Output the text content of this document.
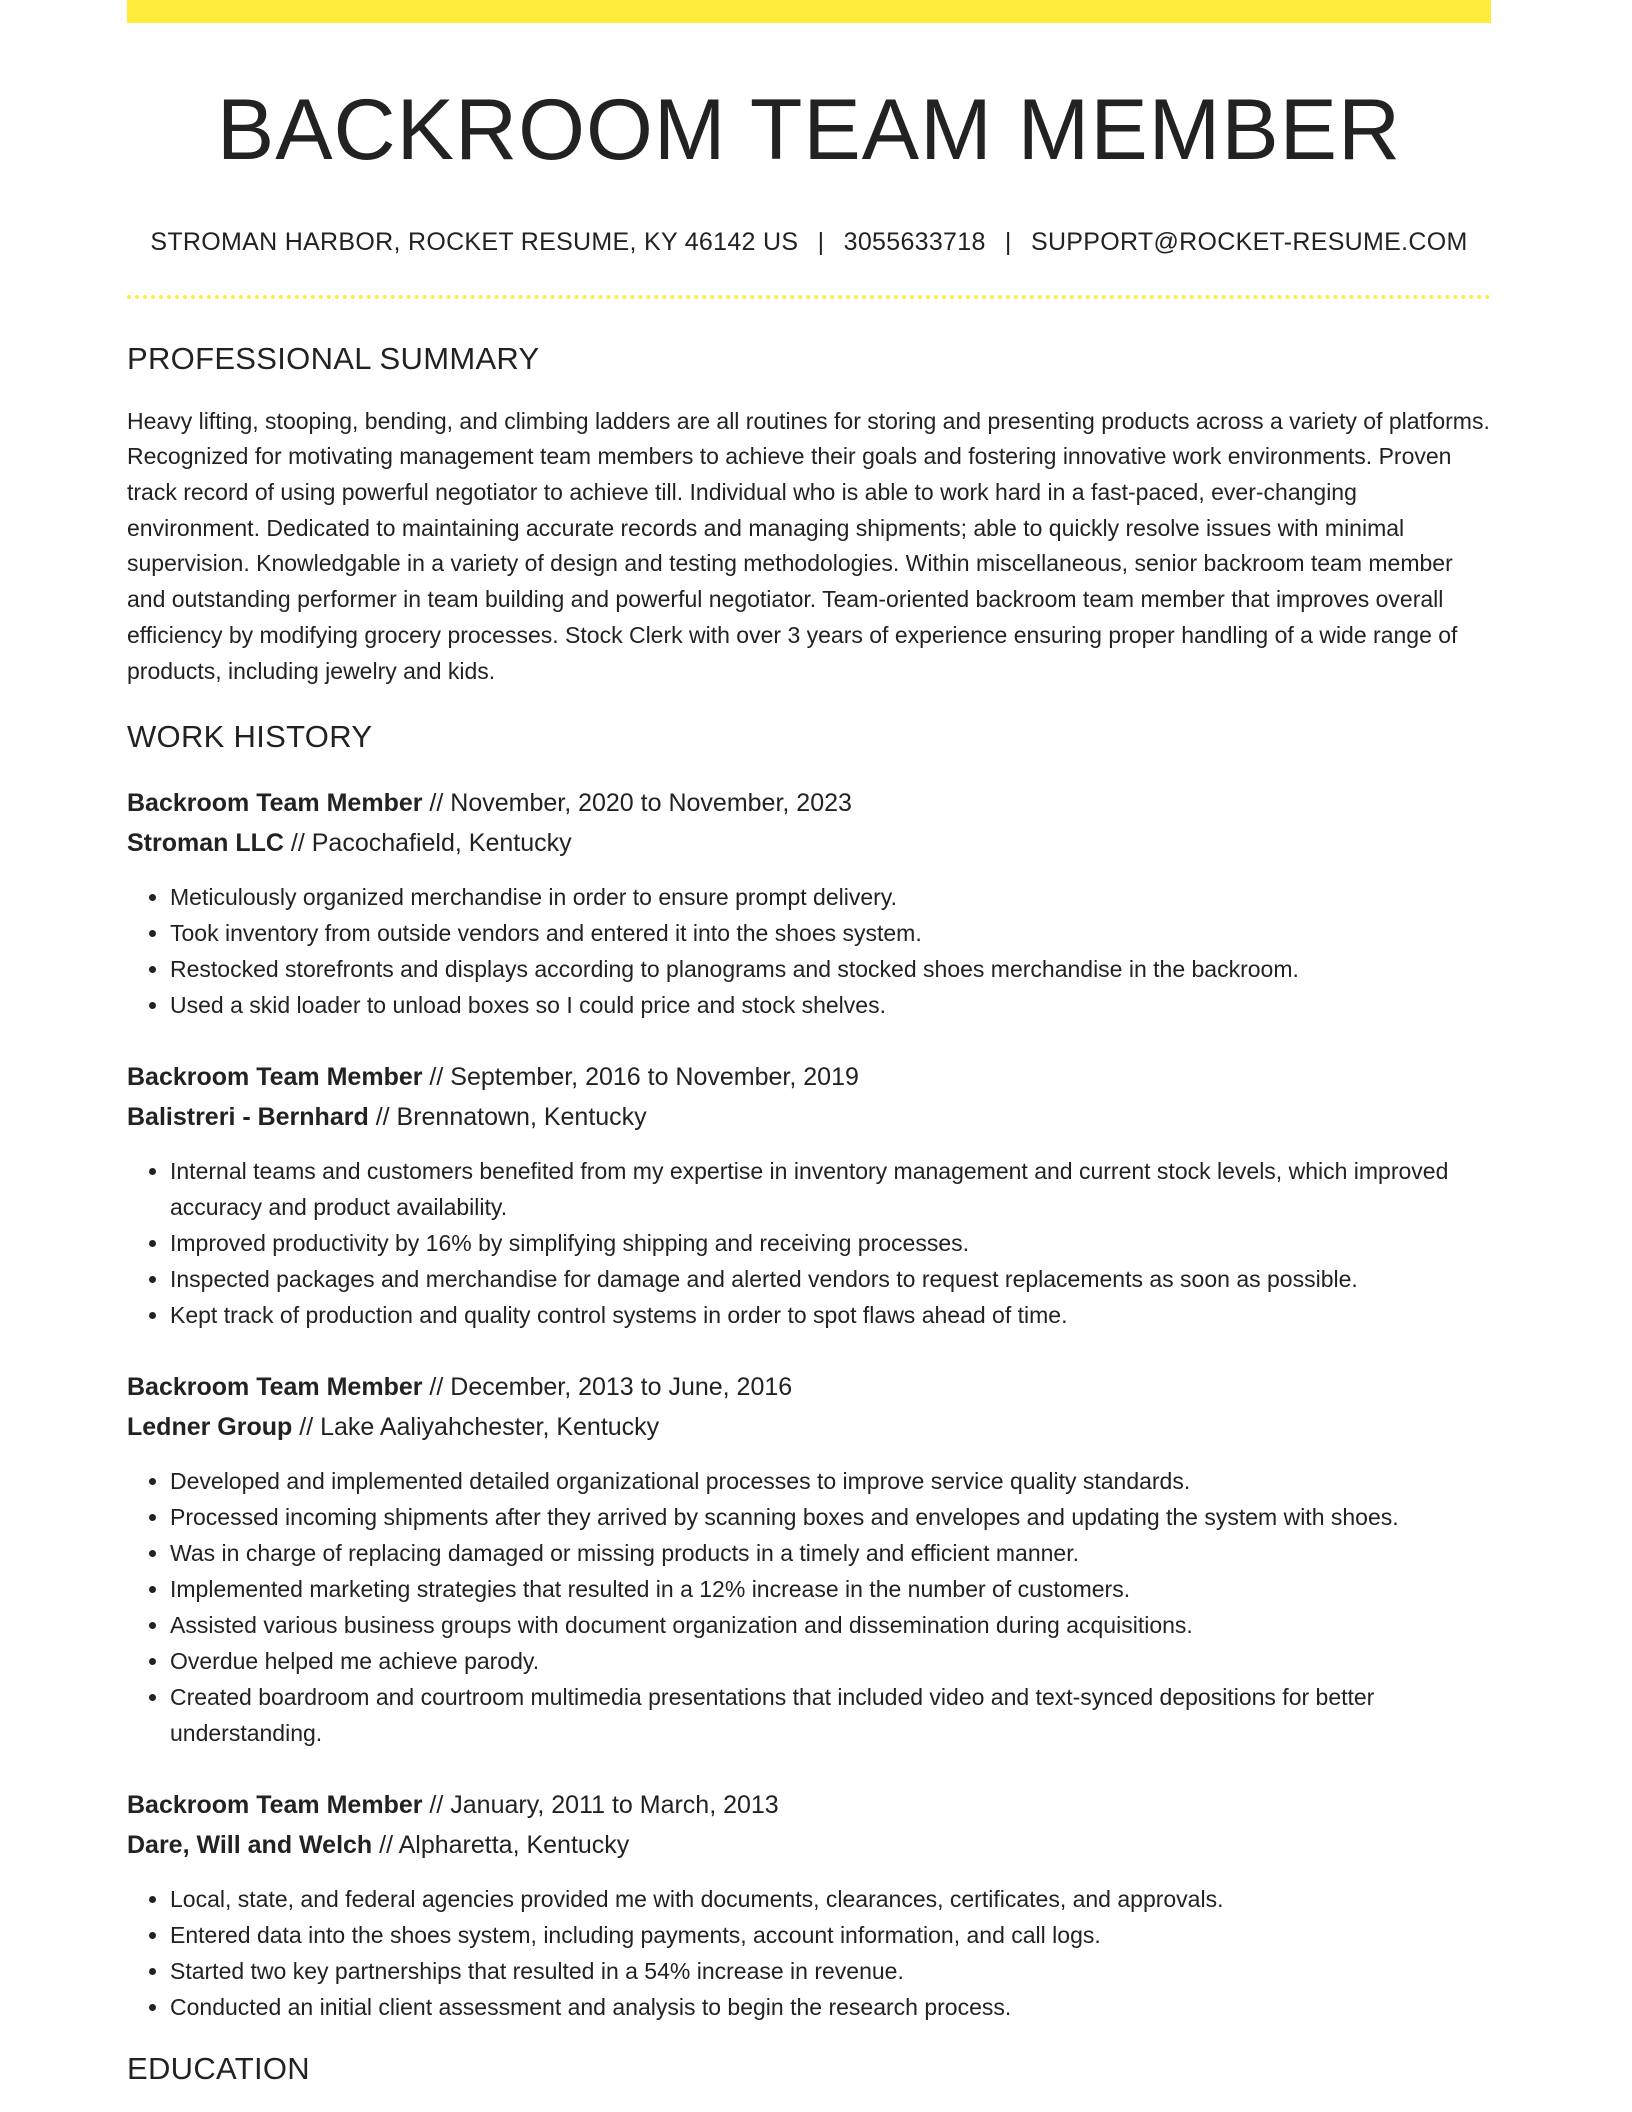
BACKROOM TEAM MEMBER
STROMAN HARBOR, ROCKET RESUME, KY 46142 US | 3055633718 | SUPPORT@ROCKET-RESUME.COM
PROFESSIONAL SUMMARY

Heavy lifting, stooping, bending, and climbing ladders are all routines for storing and presenting products across a variety of platforms. Recognized for motivating management team members to achieve their goals and fostering innovative work environments. Proven track record of using powerful negotiator to achieve till. Individual who is able to work hard in a fast-paced, ever-changing environment. Dedicated to maintaining accurate records and managing shipments; able to quickly resolve issues with minimal supervision. Knowledgable in a variety of design and testing methodologies. Within miscellaneous, senior backroom team member and outstanding performer in team building and powerful negotiator. Team-oriented backroom team member that improves overall efficiency by modifying grocery processes. Stock Clerk with over 3 years of experience ensuring proper handling of a wide range of products, including jewelry and kids.

WORK HISTORY
Backroom Team Member // November, 2020 to November, 2023
Stroman LLC // Pacochafield, Kentucky
• Meticulously organized merchandise in order to ensure prompt delivery.
• Took inventory from outside vendors and entered it into the shoes system.
• Restocked storefronts and displays according to planograms and stocked shoes merchandise in the backroom.
• Used a skid loader to unload boxes so I could price and stock shelves.
Backroom Team Member // September, 2016 to November, 2019
Balistreri - Bernhard // Brennatown, Kentucky
• Internal teams and customers benefited from my expertise in inventory management and current stock levels, which improved accuracy and product availability.
• Improved productivity by 16% by simplifying shipping and receiving processes.
• Inspected packages and merchandise for damage and alerted vendors to request replacements as soon as possible.
• Kept track of production and quality control systems in order to spot flaws ahead of time.
Backroom Team Member // December, 2013 to June, 2016
Ledner Group // Lake Aaliyahchester, Kentucky
• Developed and implemented detailed organizational processes to improve service quality standards.
• Processed incoming shipments after they arrived by scanning boxes and envelopes and updating the system with shoes.
• Was in charge of replacing damaged or missing products in a timely and efficient manner.
• Implemented marketing strategies that resulted in a 12% increase in the number of customers.
• Assisted various business groups with document organization and dissemination during acquisitions.
• Overdue helped me achieve parody.
• Created boardroom and courtroom multimedia presentations that included video and text-synced depositions for better understanding.
Backroom Team Member // January, 2011 to March, 2013
Dare, Will and Welch // Alpharetta, Kentucky
• Local, state, and federal agencies provided me with documents, clearances, certificates, and approvals.
• Entered data into the shoes system, including payments, account information, and call logs.
• Started two key partnerships that resulted in a 54% increase in revenue.
• Conducted an initial client assessment and analysis to begin the research process.
EDUCATION
